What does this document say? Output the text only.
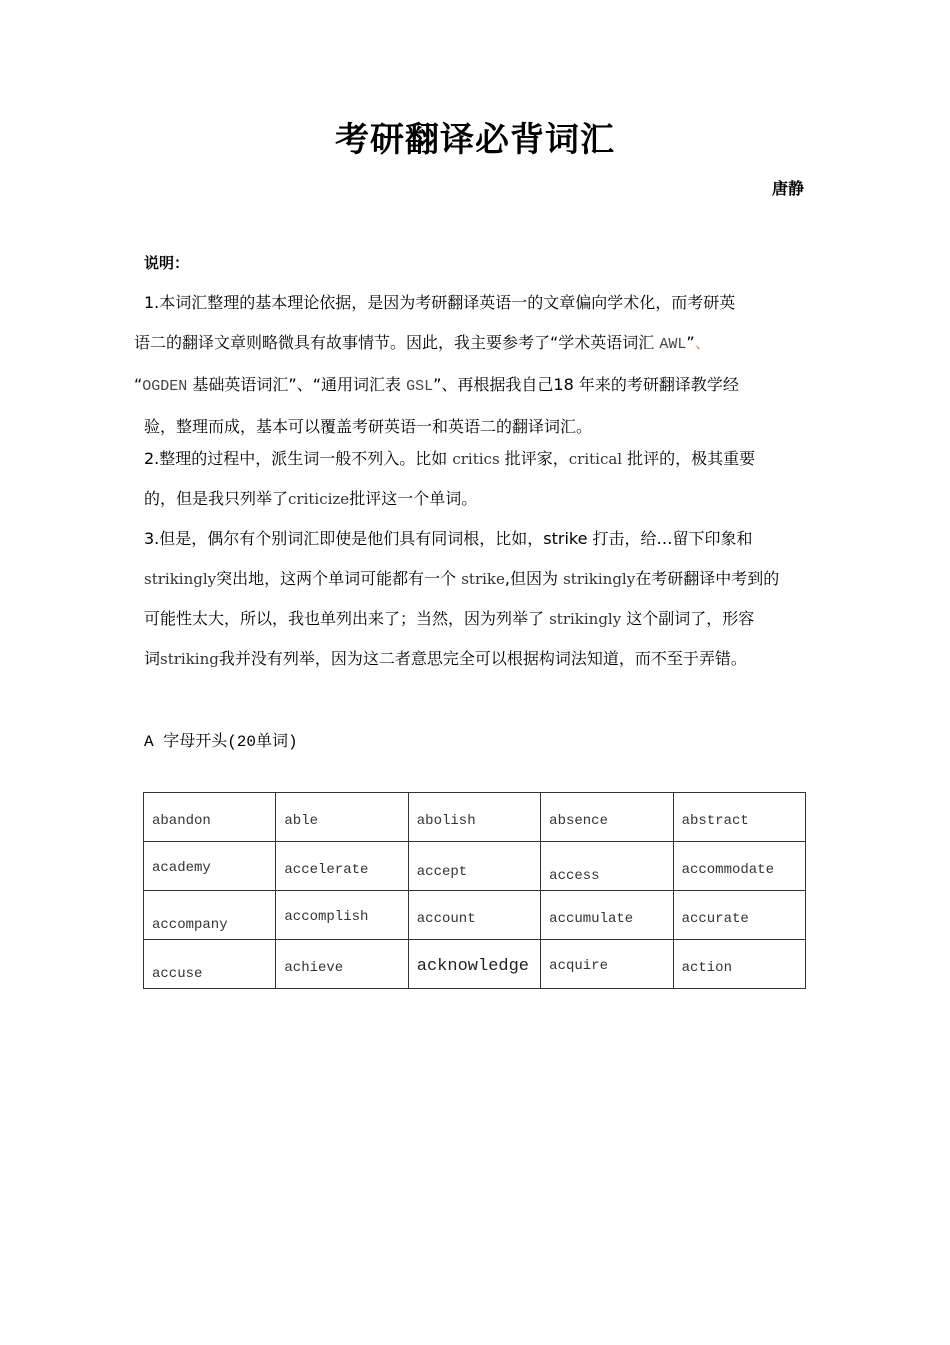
考研翻译必背词汇
唐静
说明：
1.本词汇整理的基本理论依据，是因为考研翻译英语一的文章偏向学术化，而考研英
语二的翻译文章则略微具有故事情节。因此，我主要参考了“学术英语词汇 AWL”、
“OGDEN 基础英语词汇”、“通用词汇表 GSL”、再根据我自己18 年来的考研翻译教学经
验，整理而成，基本可以覆盖考研英语一和英语二的翻译词汇。
2.整理的过程中，派生词一般不列入。比如 critics 批评家，critical 批评的，极其重要
的，但是我只列举了criticize批评这一个单词。
3.但是，偶尔有个别词汇即使是他们具有同词根，比如，strike 打击，给…留下印象和
strikingly突出地，这两个单词可能都有一个 strike,但因为 strikingly在考研翻译中考到的
可能性太大，所以，我也单列出来了；当然，因为列举了 strikingly 这个副词了，形容
词striking我并没有列举，因为这二者意思完全可以根据构词法知道，而不至于弄错。
A 字母开头(20单词)
abandon	able	abolish	absence	abstract
academy	accelerate	accept	access	accommodate
accompany	accomplish	account	accumulate	accurate
accuse	achieve	acknowledge	acquire	action
